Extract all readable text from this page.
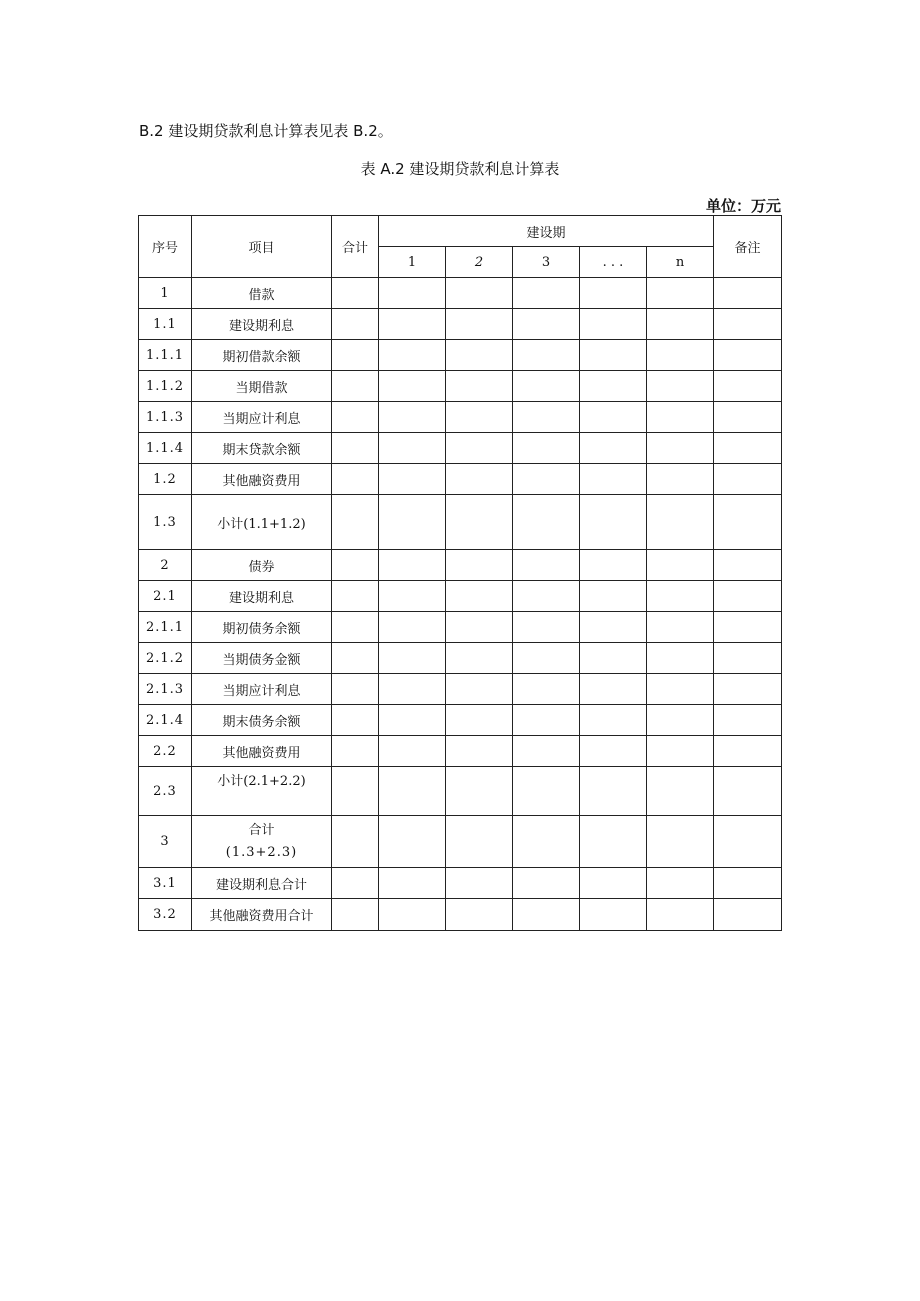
B.2 建设期贷款利息计算表见表 B.2。
表 A.2 建设期贷款利息计算表
单位：万元
序号	项目	合计	建设期					备注
			1	2	3	. . .	n	
1	借款							
1.1	建设期利息							
1.1.1	期初借款余额							
1.1.2	当期借款							
1.1.3	当期应计利息							
1.1.4	期末贷款余额							
1.2	其他融资费用							
1.3	小计(1.1+1.2)							
2	债券							
2.1	建设期利息							
2.1.1	期初债务余额							
2.1.2	当期债务金额							
2.1.3	当期应计利息							
2.1.4	期末债务余额							
2.2	其他融资费用							
2.3	小计(2.1+2.2)							
3	合计
(1.3+2.3)							

3.1	建设期利息合计							
3.2	其他融资费用合计							
